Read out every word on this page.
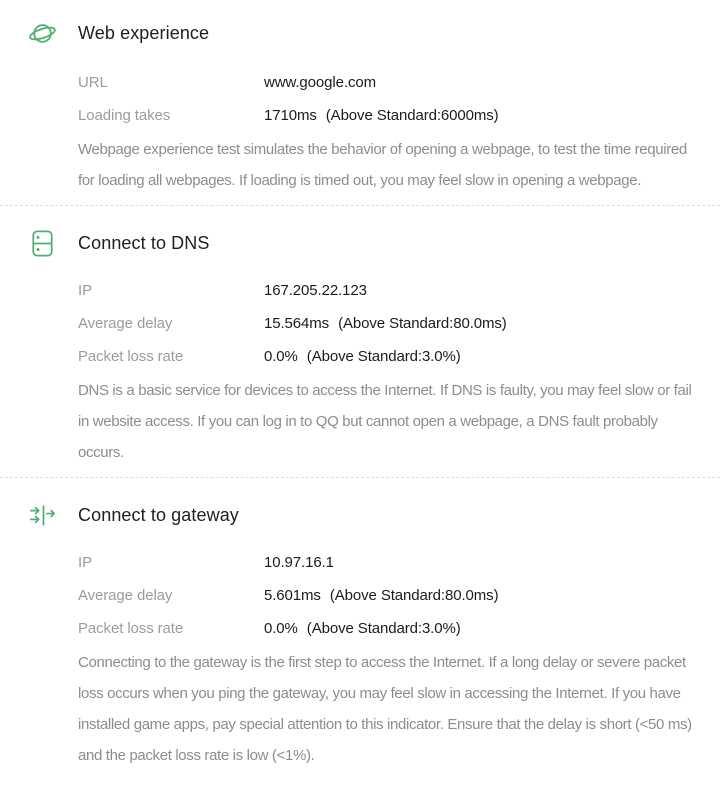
Web experience
URL	www.google.com
Loading takes	1710ms (Above Standard:6000ms)

Webpage experience test simulates the behavior of opening a webpage, to test the time required for loading all webpages. If loading is timed out, you may feel slow in opening a webpage.

Connect to DNS
IP	167.205.22.123
Average delay	15.564ms (Above Standard:80.0ms)
Packet loss rate	0.0% (Above Standard:3.0%)

DNS is a basic service for devices to access the Internet. If DNS is faulty, you may feel slow or fail in website access. If you can log in to QQ but cannot open a webpage, a DNS fault probably occurs.

Connect to gateway
IP	10.97.16.1
Average delay	5.601ms (Above Standard:80.0ms)
Packet loss rate	0.0% (Above Standard:3.0%)

Connecting to the gateway is the first step to access the Internet. If a long delay or severe packet loss occurs when you ping the gateway, you may feel slow in accessing the Internet. If you have installed game apps, pay special attention to this indicator. Ensure that the delay is short (<50 ms) and the packet loss rate is low (<1%).
